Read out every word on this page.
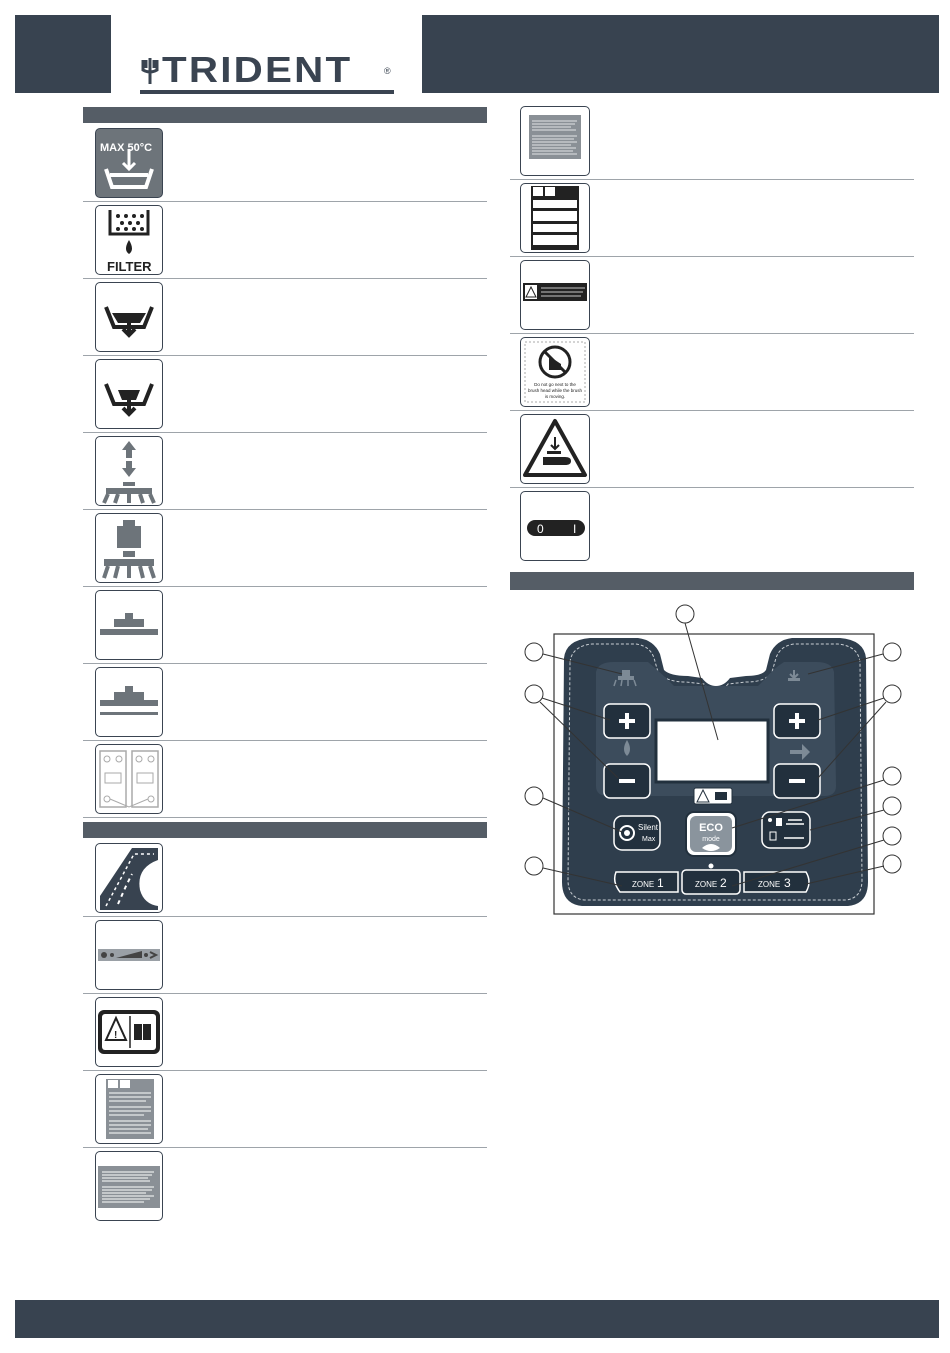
TRIDENT	®
MAX 50°C
FILTER
!
Do not go next to the
brush head while the brush
is moving.
0 I
Silent
Max
ECO
mode
ZONE 1	ZONE 2	ZONE 3
